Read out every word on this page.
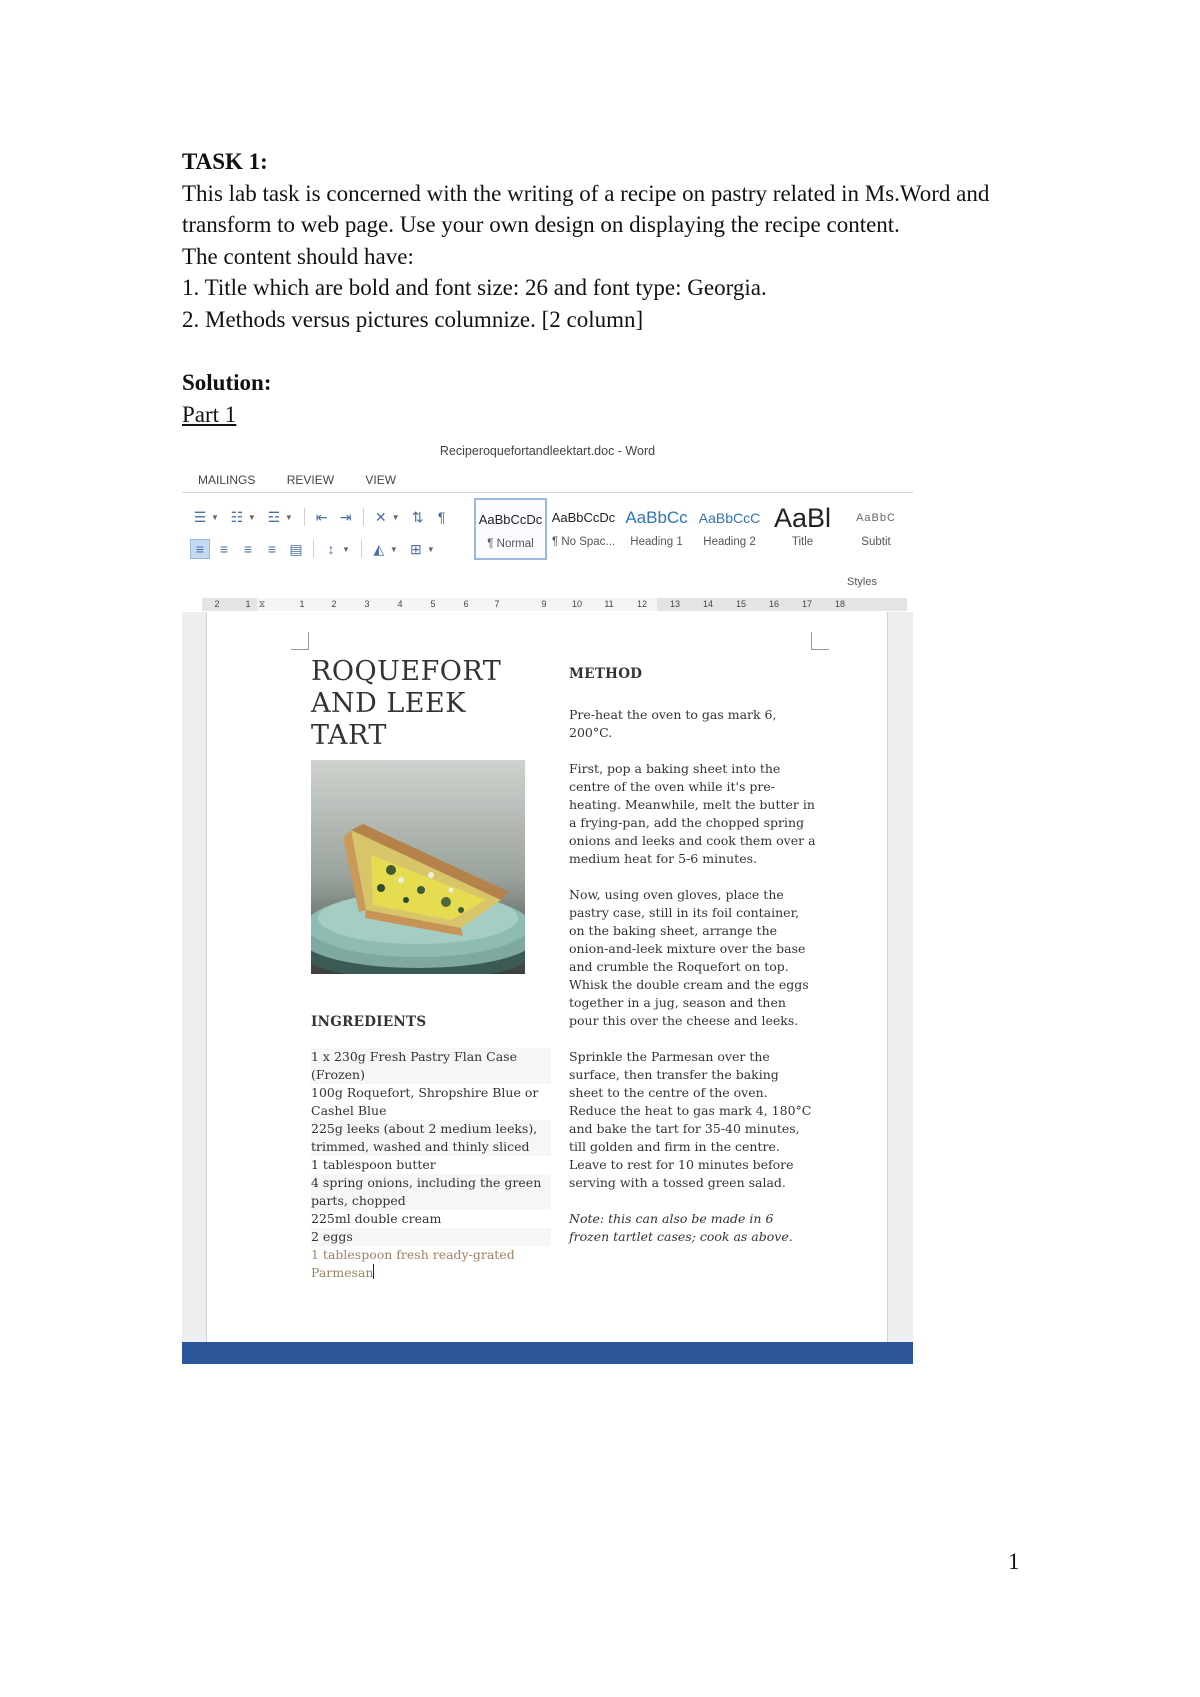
TASK 1:
This lab task is concerned with the writing of a recipe on pastry related in Ms.Word and transform to web page. Use your own design on displaying the recipe content.
The content should have:
1. Title which are bold and font size: 26 and font type: Georgia.
2. Methods versus pictures columnize. [2 column]
Solution:
Part 1
Reciperoquefortandleektart.doc - Word
MAILINGS	REVIEW	VIEW
☰ ▼ ☷ ▼ ☲ ▼ ⇤ ⇥ ✕ ▼ ⇅	¶
≡	≡	≡	≡ ▤	↕ ▼	◭ ▼ ⊞ ▼
AaBbCcDc
¶ Normal
AaBbCcDc
¶ No Spac...
AaBbCc
Heading 1
AaBbCcC
Heading 2
AaBl
Title
AaBbC
Subtit
Styles
2	1 ⧖	1	2	3	4	5	6	7	9	10 11	12	13	14	15	16	17	18
ROQUEFORT
AND LEEK
TART
INGREDIENTS
1 x 230g Fresh Pastry Flan Case (Frozen)
100g Roquefort, Shropshire Blue or Cashel Blue
225g leeks (about 2 medium leeks), trimmed, washed and thinly sliced
1 tablespoon butter
4 spring onions, including the green parts, chopped
225ml double cream
2 eggs
1 tablespoon fresh ready-grated Parmesan
METHOD

Pre-heat the oven to gas mark 6, 200°C.

First, pop a baking sheet into the centre of the oven while it's pre-heating. Meanwhile, melt the butter in a frying-pan, add the chopped spring onions and leeks and cook them over a medium heat for 5-6 minutes.

Now, using oven gloves, place the pastry case, still in its foil container, on the baking sheet, arrange the onion-and-leek mixture over the base and crumble the Roquefort on top. Whisk the double cream and the eggs together in a jug, season and then pour this over the cheese and leeks.

Sprinkle the Parmesan over the surface, then transfer the baking sheet to the centre of the oven. Reduce the heat to gas mark 4, 180°C and bake the tart for 35-40 minutes, till golden and firm in the centre. Leave to rest for 10 minutes before serving with a tossed green salad.

Note: this can also be made in 6 frozen tartlet cases; cook as above.

1
